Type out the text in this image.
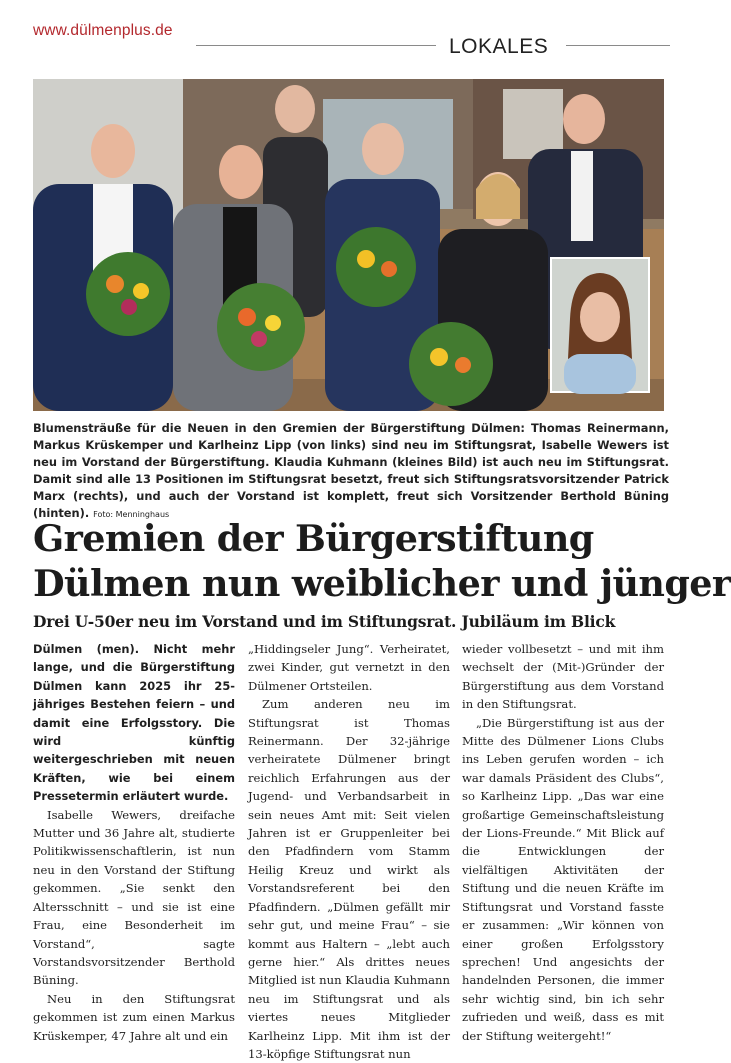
www.dülmenplus.de
LOKALES
Blumensträuße für die Neuen in den Gremien der Bürgerstiftung Dülmen: Thomas Reinermann, Markus Krüskemper und Karlheinz Lipp (von links) sind neu im Stiftungsrat, Isabelle Wewers ist neu im Vorstand der Bürgerstiftung. Klaudia Kuhmann (kleines Bild) ist auch neu im Stiftungsrat. Damit sind alle 13 Positionen im Stiftungsrat besetzt, freut sich Stiftungsratsvorsitzender Patrick Marx (rechts), und auch der Vorstand ist komplett, freut sich Vorsitzender Berthold Büning (hinten). Foto: Menninghaus
Gremien der Bürgerstiftung
Dülmen nun weiblicher und jünger
Drei U-50er neu im Vorstand und im Stiftungsrat. Jubiläum im Blick

Dülmen (men). Nicht mehr lange, und die Bürgerstiftung Dülmen kann 2025 ihr 25-jähriges Bestehen feiern – und damit eine Erfolgsstory. Die wird künftig weitergeschrieben mit neuen Kräften, wie bei einem Pressetermin erläutert wurde.

Isabelle Wewers, dreifache Mutter und 36 Jahre alt, studierte Politikwissenschaftlerin, ist nun neu in den Vorstand der Stiftung gekommen. „Sie senkt den Altersschnitt – und sie ist eine Frau, eine Besonderheit im Vorstand“, sagte Vorstandsvorsitzender Berthold Büning.

Neu in den Stiftungsrat gekommen ist zum einen Markus Krüskemper, 47 Jahre alt und ein

„Hiddingseler Jung“. Verheiratet, zwei Kinder, gut vernetzt in den Dülmener Ortsteilen.

Zum anderen neu im Stiftungsrat ist Thomas Reinermann. Der 32-jährige verheiratete Dülmener bringt reichlich Erfahrungen aus der Jugend- und Verbandsarbeit in sein neues Amt mit: Seit vielen Jahren ist er Gruppenleiter bei den Pfadfindern vom Stamm Heilig Kreuz und wirkt als Vorstandsreferent bei den Pfadfindern. „Dülmen gefällt mir sehr gut, und meine Frau“ – sie kommt aus Haltern – „lebt auch gerne hier.“ Als drittes neues Mitglied ist nun Klaudia Kuhmann neu im Stiftungsrat und als viertes neues Mitglieder Karlheinz Lipp. Mit ihm ist der 13-köpfige Stiftungsrat nun

wieder vollbesetzt – und mit ihm wechselt der (Mit-)Gründer der Bürgerstiftung aus dem Vorstand in den Stiftungsrat.

„Die Bürgerstiftung ist aus der Mitte des Dülmener Lions Clubs ins Leben gerufen worden – ich war damals Präsident des Clubs“, so Karlheinz Lipp. „Das war eine großartige Gemeinschaftsleistung der Lions-Freunde.“ Mit Blick auf die Entwicklungen der vielfältigen Aktivitäten der Stiftung und die neuen Kräfte im Stiftungsrat und Vorstand fasste er zusammen: „Wir können von einer großen Erfolgsstory sprechen! Und angesichts der handelnden Personen, die immer sehr wichtig sind, bin ich sehr zufrieden und weiß, dass es mit der Stiftung weitergeht!“
